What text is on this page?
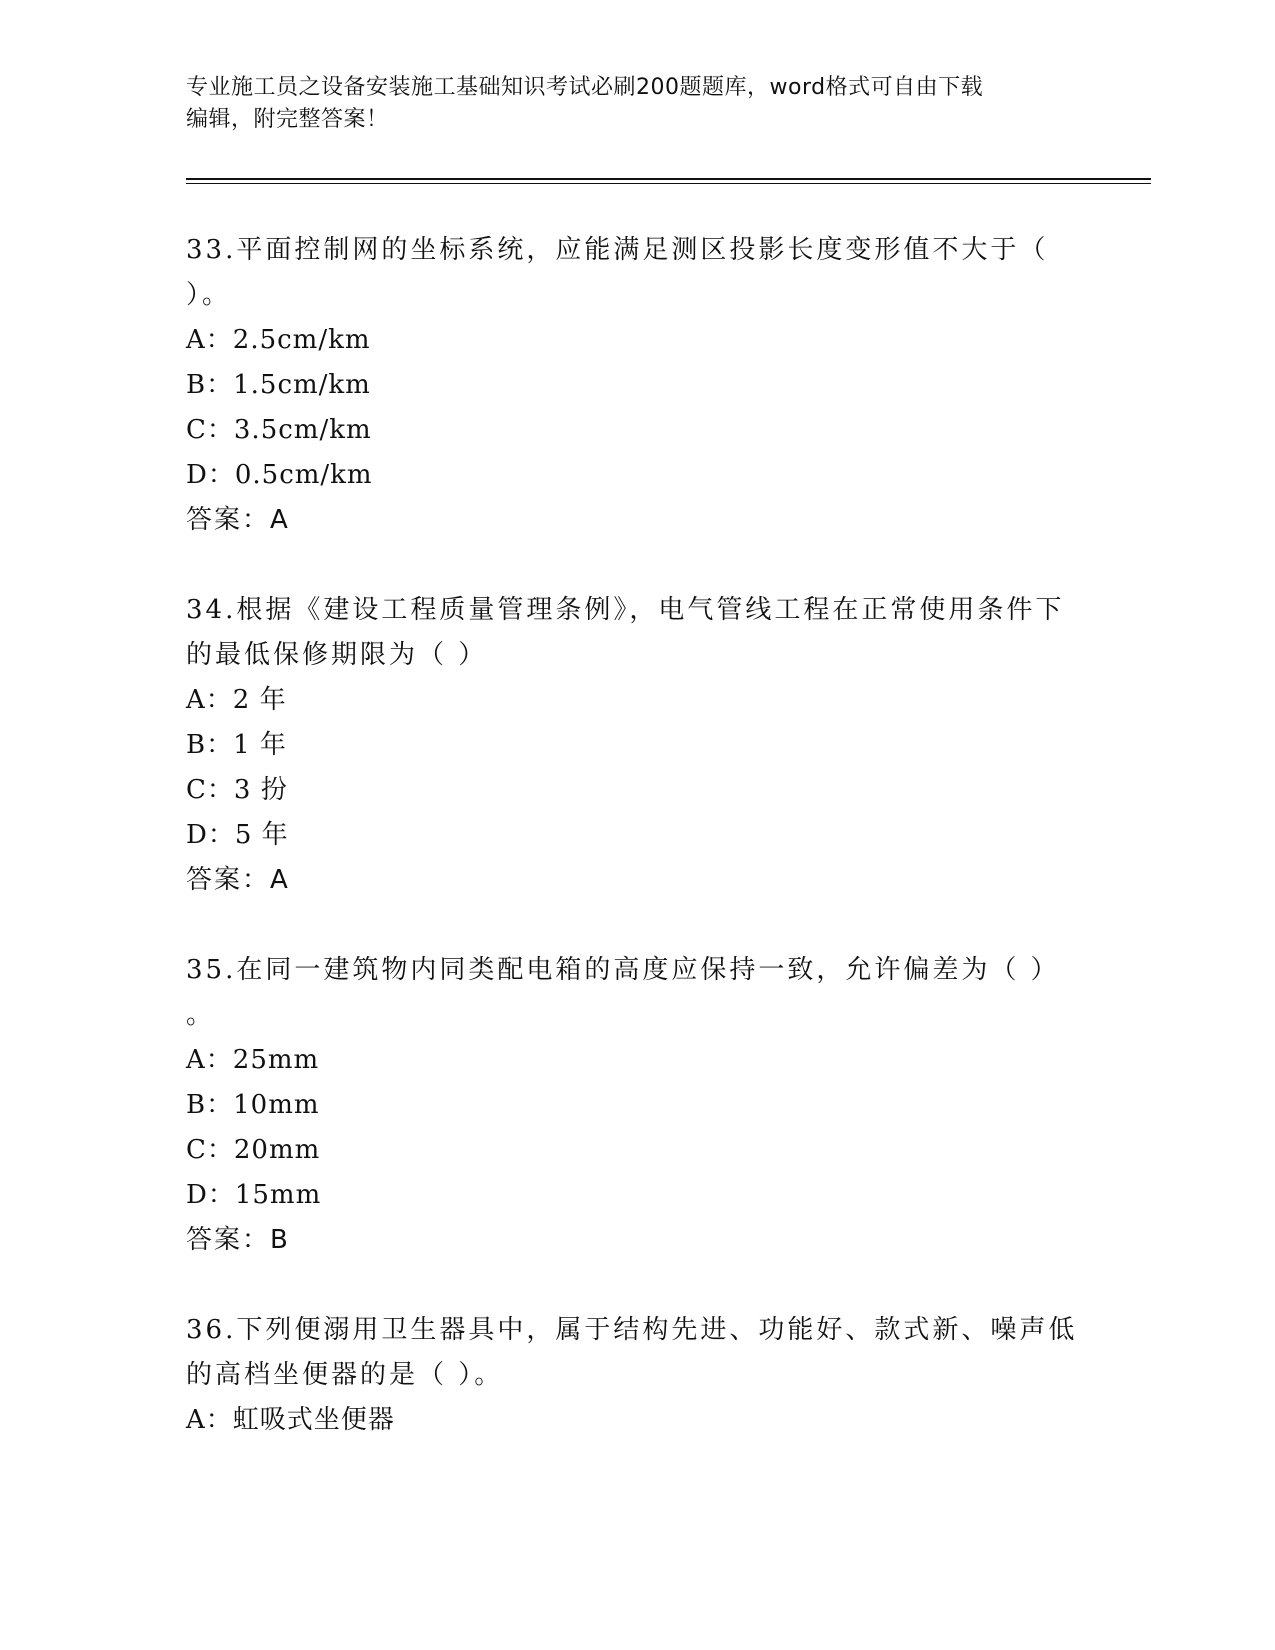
专业施工员之设备安装施工基础知识考试必刷200题题库，word格式可自由下载
编辑，附完整答案！

33.平面控制网的坐标系统，应能满足测区投影长度变形值不大于（

）。

A：2.5cm/km

B：1.5cm/km

C：3.5cm/km

D：0.5cm/km

答案：A

34.根据《建设工程质量管理条例》，电气管线工程在正常使用条件下

的最低保修期限为（ ）

A：2 年

B：1 年

C：3 扮

D：5 年

答案：A

35.在同一建筑物内同类配电箱的高度应保持一致，允许偏差为（ ）

。

A：25mm

B：10mm

C：20mm

D：15mm

答案：B

36.下列便溺用卫生器具中，属于结构先进、功能好、款式新、噪声低

的高档坐便器的是（ ）。

A：虹吸式坐便器
